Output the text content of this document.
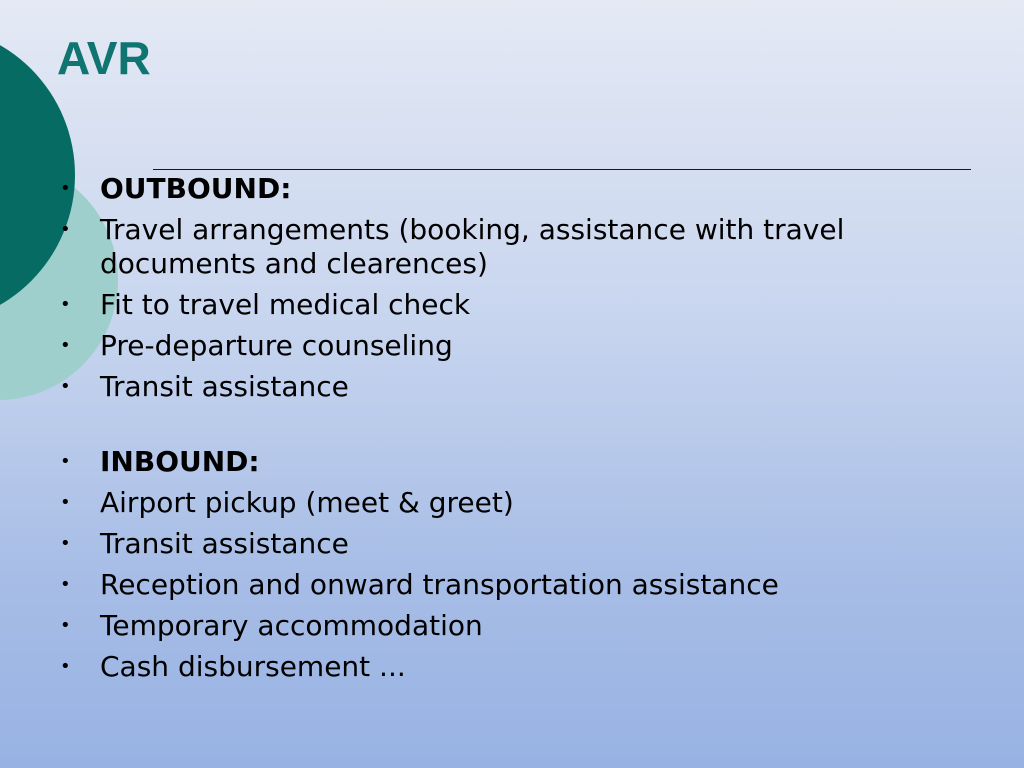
AVR
• OUTBOUND:
• Travel arrangements (booking, assistance with travel documents and clearences)
• Fit to travel medical check
• Pre-departure counseling
• Transit assistance
• INBOUND:
• Airport pickup (meet & greet)
• Transit assistance
• Reception and onward transportation assistance
• Temporary accommodation
• Cash disbursement ...
